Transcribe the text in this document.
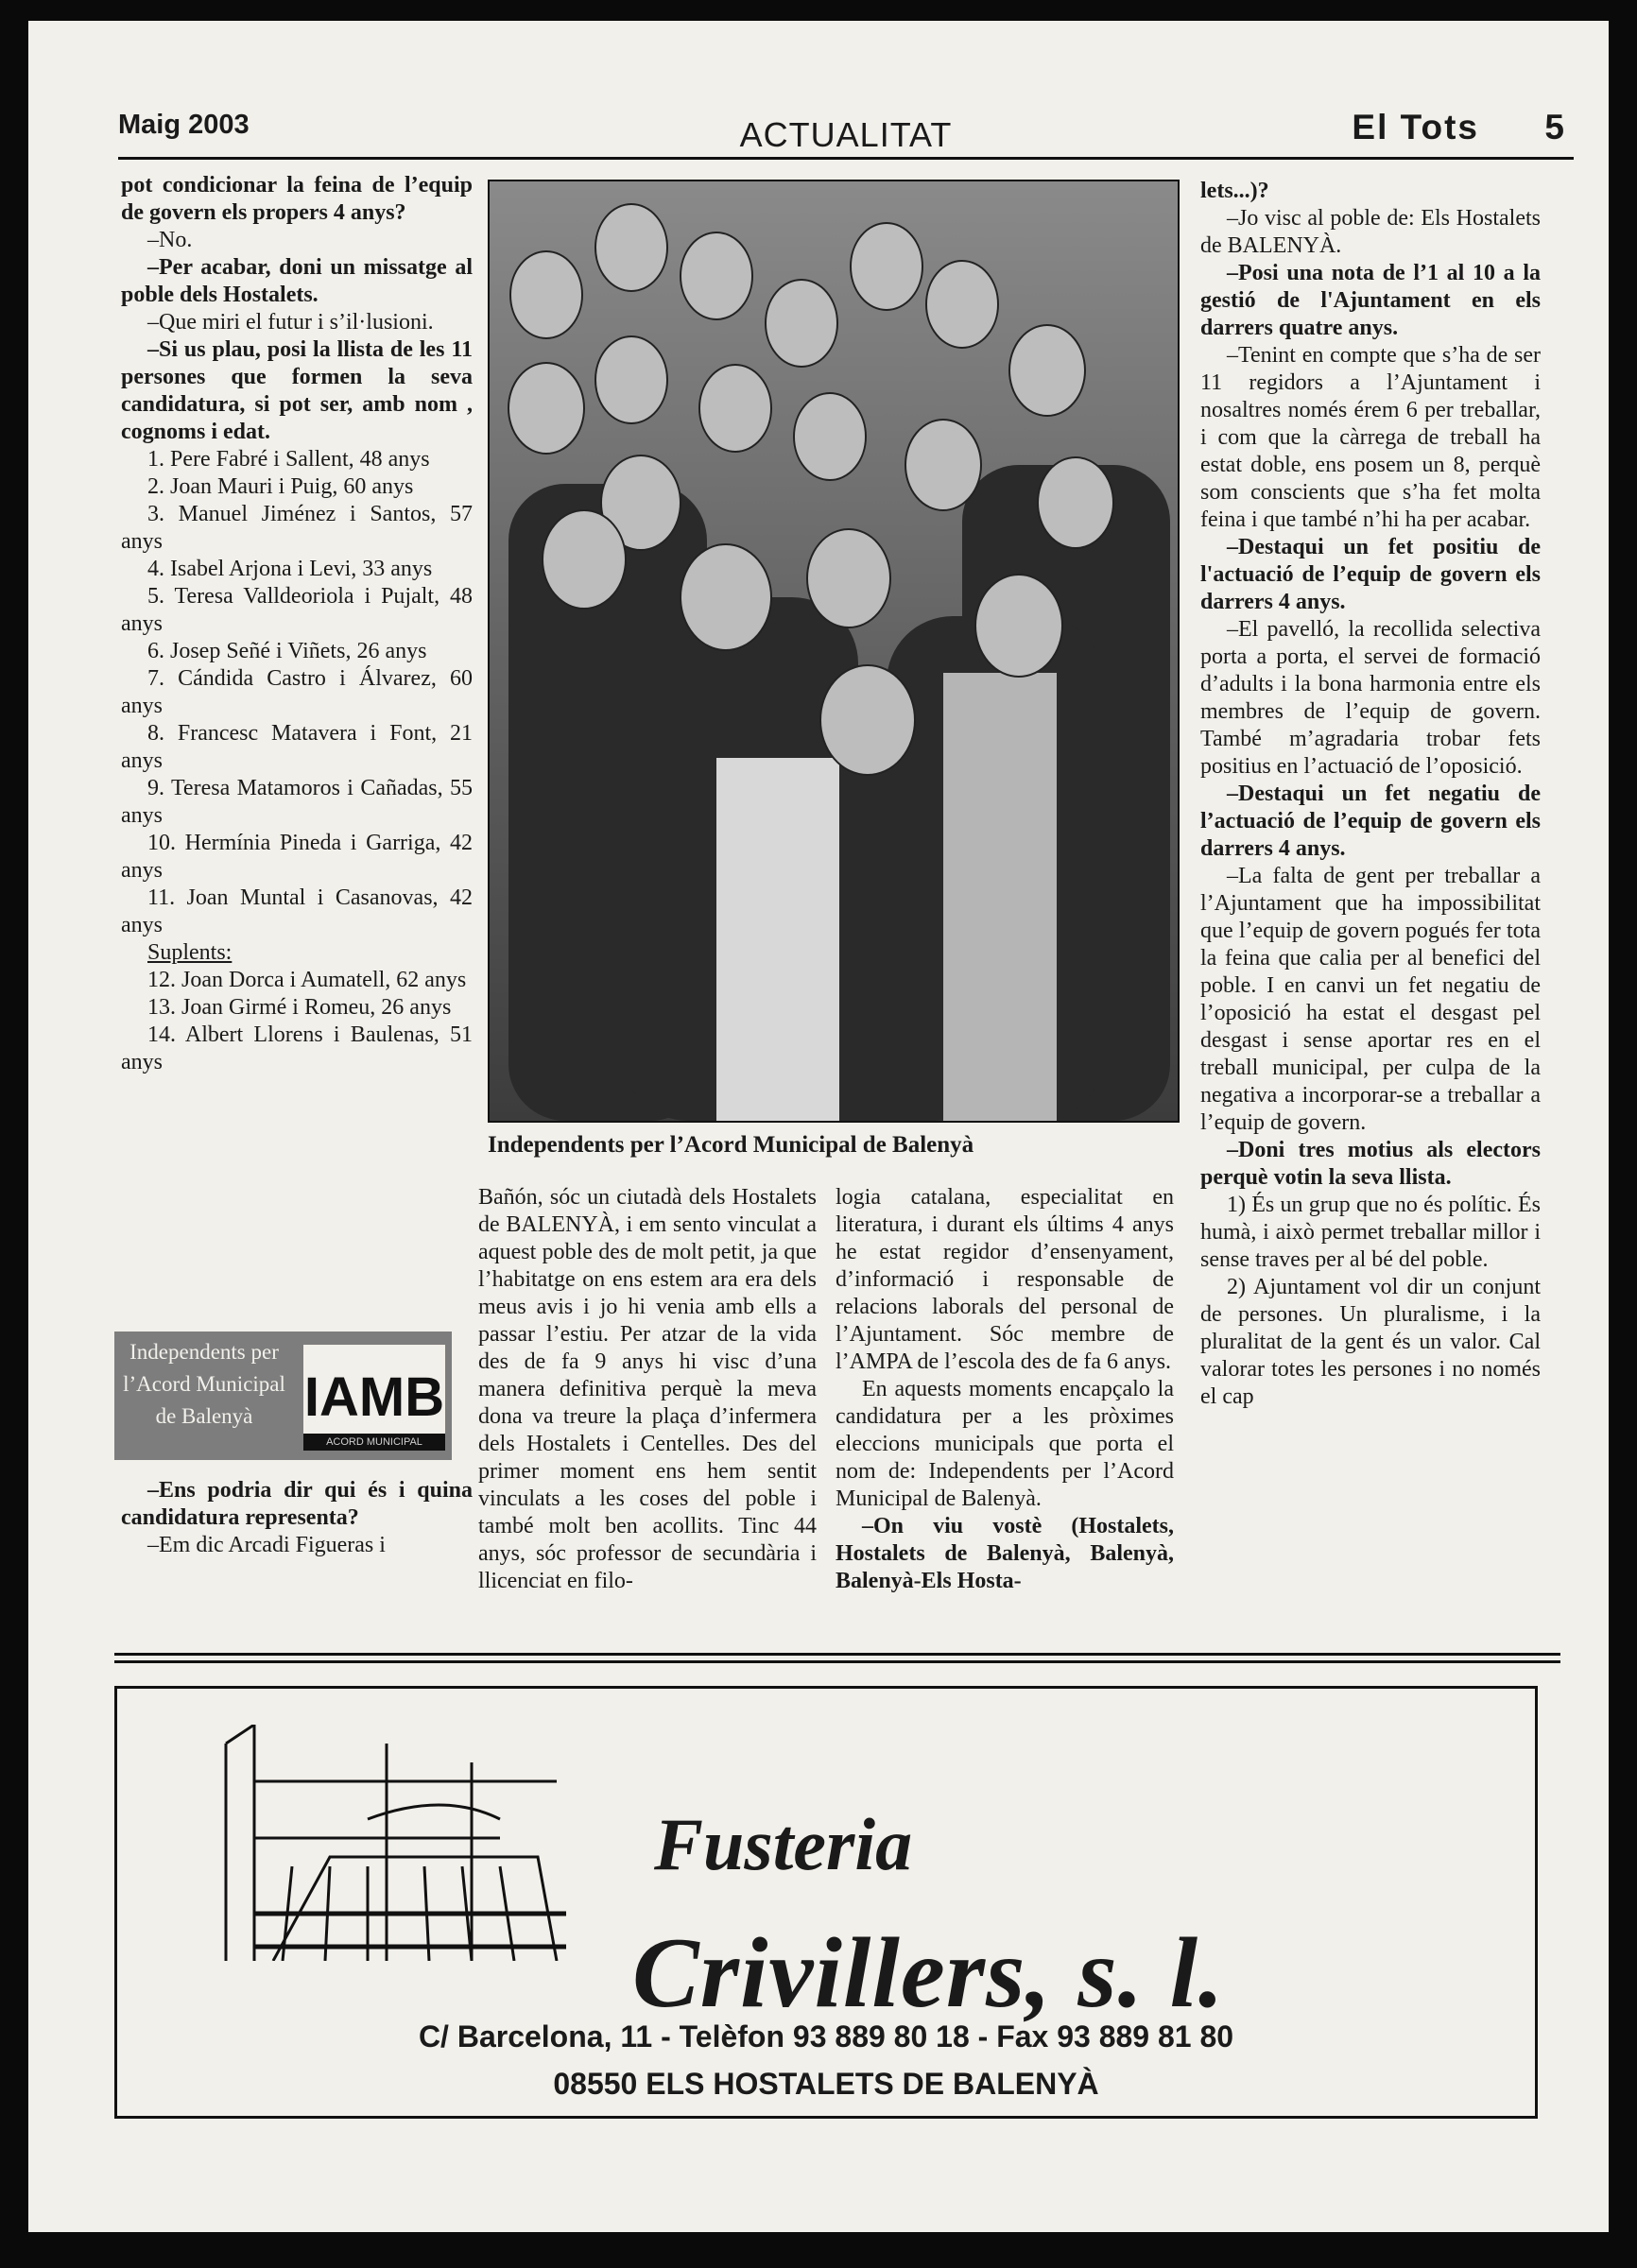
Maig 2003	ACTUALITAT	El Tots 5

pot condicionar la feina de l’equip de govern els propers 4 anys?

–No.

–Per acabar, doni un missatge al poble dels Hostalets.

–Que miri el futur i s’il·lusioni.

–Si us plau, posi la llista de les 11 persones que formen la seva candidatura, si pot ser, amb nom , cognoms i edat.

1. Pere Fabré i Sallent, 48 anys

2. Joan Mauri i Puig, 60 anys

3. Manuel Jiménez i Santos, 57 anys

4. Isabel Arjona i Levi, 33 anys

5. Teresa Valldeoriola i Pujalt, 48 anys

6. Josep Señé i Viñets, 26 anys

7. Cándida Castro i Álvarez, 60 anys

8. Francesc Matavera i Font, 21 anys

9. Teresa Matamoros i Cañadas, 55 anys

10. Hermínia Pineda i Garriga, 42 anys

11. Joan Muntal i Casanovas, 42 anys

Suplents:

12. Joan Dorca i Aumatell, 62 anys

13. Joan Girmé i Romeu, 26 anys

14. Albert Llorens i Baulenas, 51 anys

Independents per l’Acord Municipal de Balenyà IAMB
ACORD MUNICIPAL

–Ens podria dir qui és i quina candidatura representa?

–Em dic Arcadi Figueras i

Independents per l’Acord Municipal de Balenyà

Bañón, sóc un ciutadà dels Hostalets de BALENYÀ, i em sento vinculat a aquest poble des de molt petit, ja que l’habitatge on ens estem ara era dels meus avis i jo hi venia amb ells a passar l’estiu. Per atzar de la vida des de fa 9 anys hi visc d’una manera definitiva perquè la meva dona va treure la plaça d’infermera dels Hostalets i Centelles. Des del primer moment ens hem sentit vinculats a les coses del poble i també molt ben acollits. Tinc 44 anys, sóc professor de secundària i llicenciat en filo-

logia catalana, especialitat en literatura, i durant els últims 4 anys he estat regidor d’ensenyament, d’informació i responsable de relacions laborals del personal de l’Ajuntament. Sóc membre de l’AMPA de l’escola des de fa 6 anys.

En aquests moments encapçalo la candidatura per a les pròximes eleccions municipals que porta el nom de: Independents per l’Acord Municipal de Balenyà.

–On viu vostè (Hostalets, Hostalets de Balenyà, Balenyà, Balenyà-Els Hosta-

lets...)?

–Jo visc al poble de: Els Hostalets de BALENYÀ.

–Posi una nota de l’1 al 10 a la gestió de l'Ajuntament en els darrers quatre anys.

–Tenint en compte que s’ha de ser 11 regidors a l’Ajuntament i nosaltres només érem 6 per treballar, i com que la càrrega de treball ha estat doble, ens posem un 8, perquè som conscients que s’ha fet molta feina i que també n’hi ha per acabar.

–Destaqui un fet positiu de l'actuació de l’equip de govern els darrers 4 anys.

–El pavelló, la recollida selectiva porta a porta, el servei de formació d’adults i la bona harmonia entre els membres de l’equip de govern. També m’agradaria trobar fets positius en l’actuació de l’oposició.

–Destaqui un fet negatiu de l’actuació de l’equip de govern els darrers 4 anys.

–La falta de gent per treballar a l’Ajuntament que ha impossibilitat que l’equip de govern pogués fer tota la feina que calia per al benefici del poble. I en canvi un fet negatiu de l’oposició ha estat el desgast pel desgast i sense aportar res en el treball municipal, per culpa de la negativa a incorporar-se a treballar a l’equip de govern.

–Doni tres motius als electors perquè votin la seva llista.

1) És un grup que no és polític. És humà, i això permet treballar millor i sense traves per al bé del poble.

2) Ajuntament vol dir un conjunt de persones. Un pluralisme, i la pluralitat de la gent és un valor. Cal valorar totes les persones i no només el cap

Fusteria
Crivillers, s. l.
C/ Barcelona, 11 - Telèfon 93 889 80 18 - Fax 93 889 81 80
08550 ELS HOSTALETS DE BALENYÀ
